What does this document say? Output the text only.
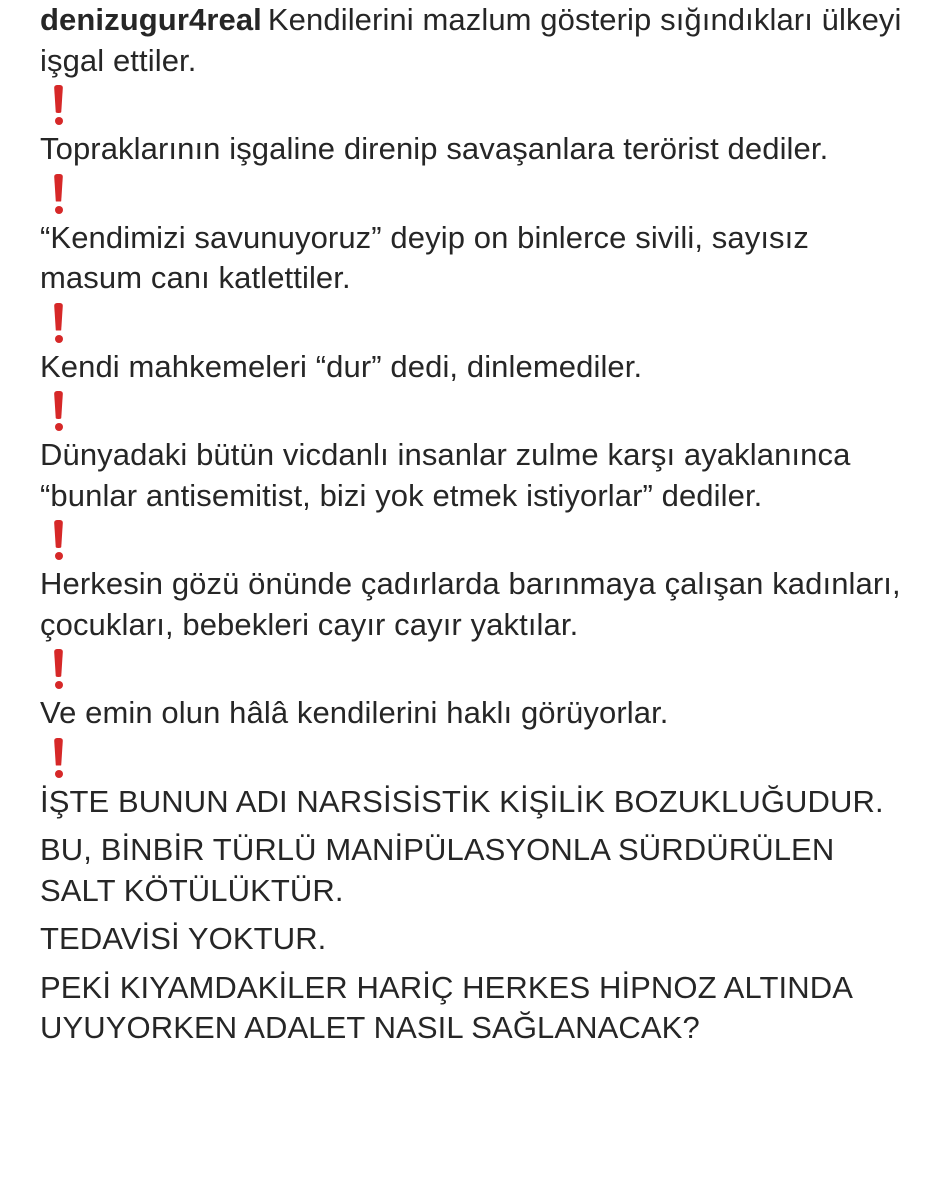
denizugur4real Kendilerini mazlum gösterip sığındıkları ülkeyi işgal ettiler.

Topraklarının işgaline direnip savaşanlara terörist dediler.

“Kendimizi savunuyoruz” deyip on binlerce sivili, sayısız masum canı katlettiler.

Kendi mahkemeleri “dur” dedi, dinlemediler.

Dünyadaki bütün vicdanlı insanlar zulme karşı ayaklanınca “bunlar antisemitist, bizi yok etmek istiyorlar” dediler.

Herkesin gözü önünde çadırlarda barınmaya çalışan kadınları, çocukları, bebekleri cayır cayır yaktılar.

Ve emin olun hâlâ kendilerini haklı görüyorlar.

İŞTE BUNUN ADI NARSİSİSTİK KİŞİLİK BOZUKLUĞUDUR.

BU, BİNBİR TÜRLÜ MANİPÜLASYONLA SÜRDÜRÜLEN SALT KÖTÜLÜKTÜR.

TEDAVİSİ YOKTUR.

PEKİ KIYAMDAKİLER HARİÇ HERKES HİPNOZ ALTINDA UYUYORKEN ADALET NASIL SAĞLANACAK?
